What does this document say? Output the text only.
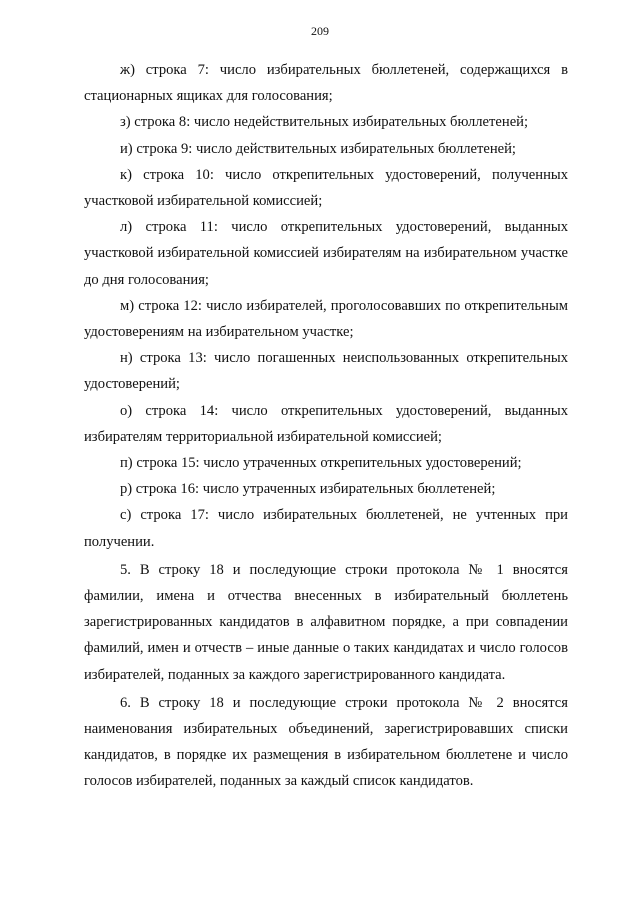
209

ж) строка 7: число избирательных бюллетеней, содержащихся в стационарных ящиках для голосования;

з) строка 8: число недействительных избирательных бюллетеней;

и) строка 9: число действительных избирательных бюллетеней;

к) строка 10: число открепительных удостоверений, полученных участковой избирательной комиссией;

л) строка 11: число открепительных удостоверений, выданных участковой избирательной комиссией избирателям на избирательном участке до дня голосования;

м) строка 12: число избирателей, проголосовавших по открепительным удостоверениям на избирательном участке;

н) строка 13: число погашенных неиспользованных открепительных удостоверений;

о) строка 14: число открепительных удостоверений, выданных избирателям территориальной избирательной комиссией;

п) строка 15: число утраченных открепительных удостоверений;

р) строка 16: число утраченных избирательных бюллетеней;

с) строка 17: число избирательных бюллетеней, не учтенных при получении.

5. В строку 18 и последующие строки протокола № 1 вносятся фамилии, имена и отчества внесенных в избирательный бюллетень зарегистрированных кандидатов в алфавитном порядке, а при совпадении фамилий, имен и отчеств – иные данные о таких кандидатах и число голосов избирателей, поданных за каждого зарегистрированного кандидата.

6. В строку 18 и последующие строки протокола № 2 вносятся наименования избирательных объединений, зарегистрировавших списки кандидатов, в порядке их размещения в избирательном бюллетене и число голосов избирателей, поданных за каждый список кандидатов.
